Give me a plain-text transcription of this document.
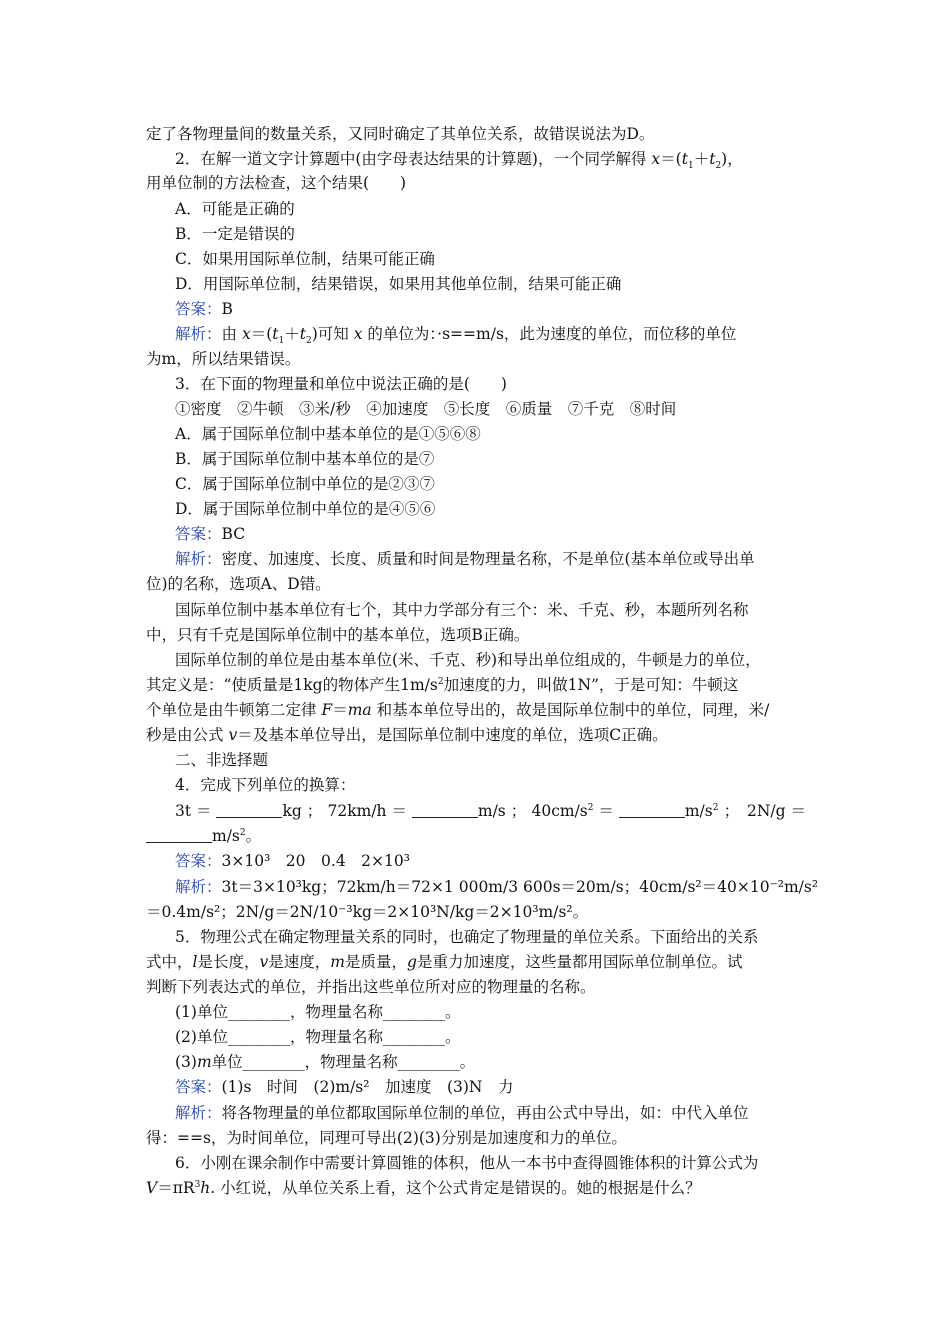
定了各物理量间的数量关系，又同时确定了其单位关系，故错误说法为D。
2．在解一道文字计算题中(由字母表达结果的计算题)，一个同学解得 $x=(t_1+t_2)$，
用单位制的方法检查，这个结果(　　)
A．可能是正确的
B．一定是错误的
C．如果用国际单位制，结果可能正确
D．用国际单位制，结果错误，如果用其他单位制，结果可能正确
答案：B
解析：由 $x=(t_1+t_2)$可知 x 的单位为：·s==m/s，此为速度的单位，而位移的单位
为m，所以结果错误。
3．在下面的物理量和单位中说法正确的是(　　)
①密度　②牛顿　③米/秒　④加速度　⑤长度　⑥质量　⑦千克　⑧时间
A．属于国际单位制中基本单位的是①⑤⑥⑧
B．属于国际单位制中基本单位的是⑦
C．属于国际单位制中单位的是②③⑦
D．属于国际单位制中单位的是④⑤⑥
答案：BC
解析：密度、加速度、长度、质量和时间是物理量名称，不是单位(基本单位或导出单
位)的名称，选项A、D错。
国际单位制中基本单位有七个，其中力学部分有三个：米、千克、秒，本题所列名称
中，只有千克是国际单位制中的基本单位，选项B正确。
国际单位制的单位是由基本单位(米、千克、秒)和导出单位组成的，牛顿是力的单位，
其定义是：“使质量是1kg的物体产生$1m/s^2$加速度的力，叫做1N”，于是可知：牛顿这
个单位是由牛顿第二定律 F＝ma 和基本单位导出的，故是国际单位制中的单位，同理，米/
秒是由公式 v＝及基本单位导出，是国际单位制中速度的单位，选项C正确。
二、非选择题
4．完成下列单位的换算：
3t ＝	kg ； 72km/h ＝	m/s ； $40cm/s^2$ ＝	$m/s^2$ ；　2N/g ＝
$m/s^2$。
答案：3×10³　20　0.4　2×10³
解析：3t＝3×10³kg；72km/h＝72×1 000m/3 600s＝20m/s；40cm/s²＝40×10⁻²m/s²
＝0.4m/s²；2N/g＝2N/10⁻³kg＝2×10³N/kg＝2×10³m/s²。
5．物理公式在确定物理量关系的同时，也确定了物理量的单位关系。下面给出的关系
式中，l是长度，v是速度，m是质量，g是重力加速度，这些量都用国际单位制单位。试
判断下列表达式的单位，并指出这些单位所对应的物理量的名称。
(1)单位________，物理量名称________。
(2)单位________，物理量名称________。
(3)m单位________，物理量名称________。
答案：(1)s　时间　(2)m/s²　加速度　(3)N　力
解析：将各物理量的单位都取国际单位制的单位，再由公式中导出，如：中代入单位
得：==s，为时间单位，同理可导出(2)(3)分别是加速度和力的单位。
6．小刚在课余制作中需要计算圆锥的体积，他从一本书中查得圆锥体积的计算公式为
$V=\pi R^3h$. 小红说，从单位关系上看，这个公式肯定是错误的。她的根据是什么？
